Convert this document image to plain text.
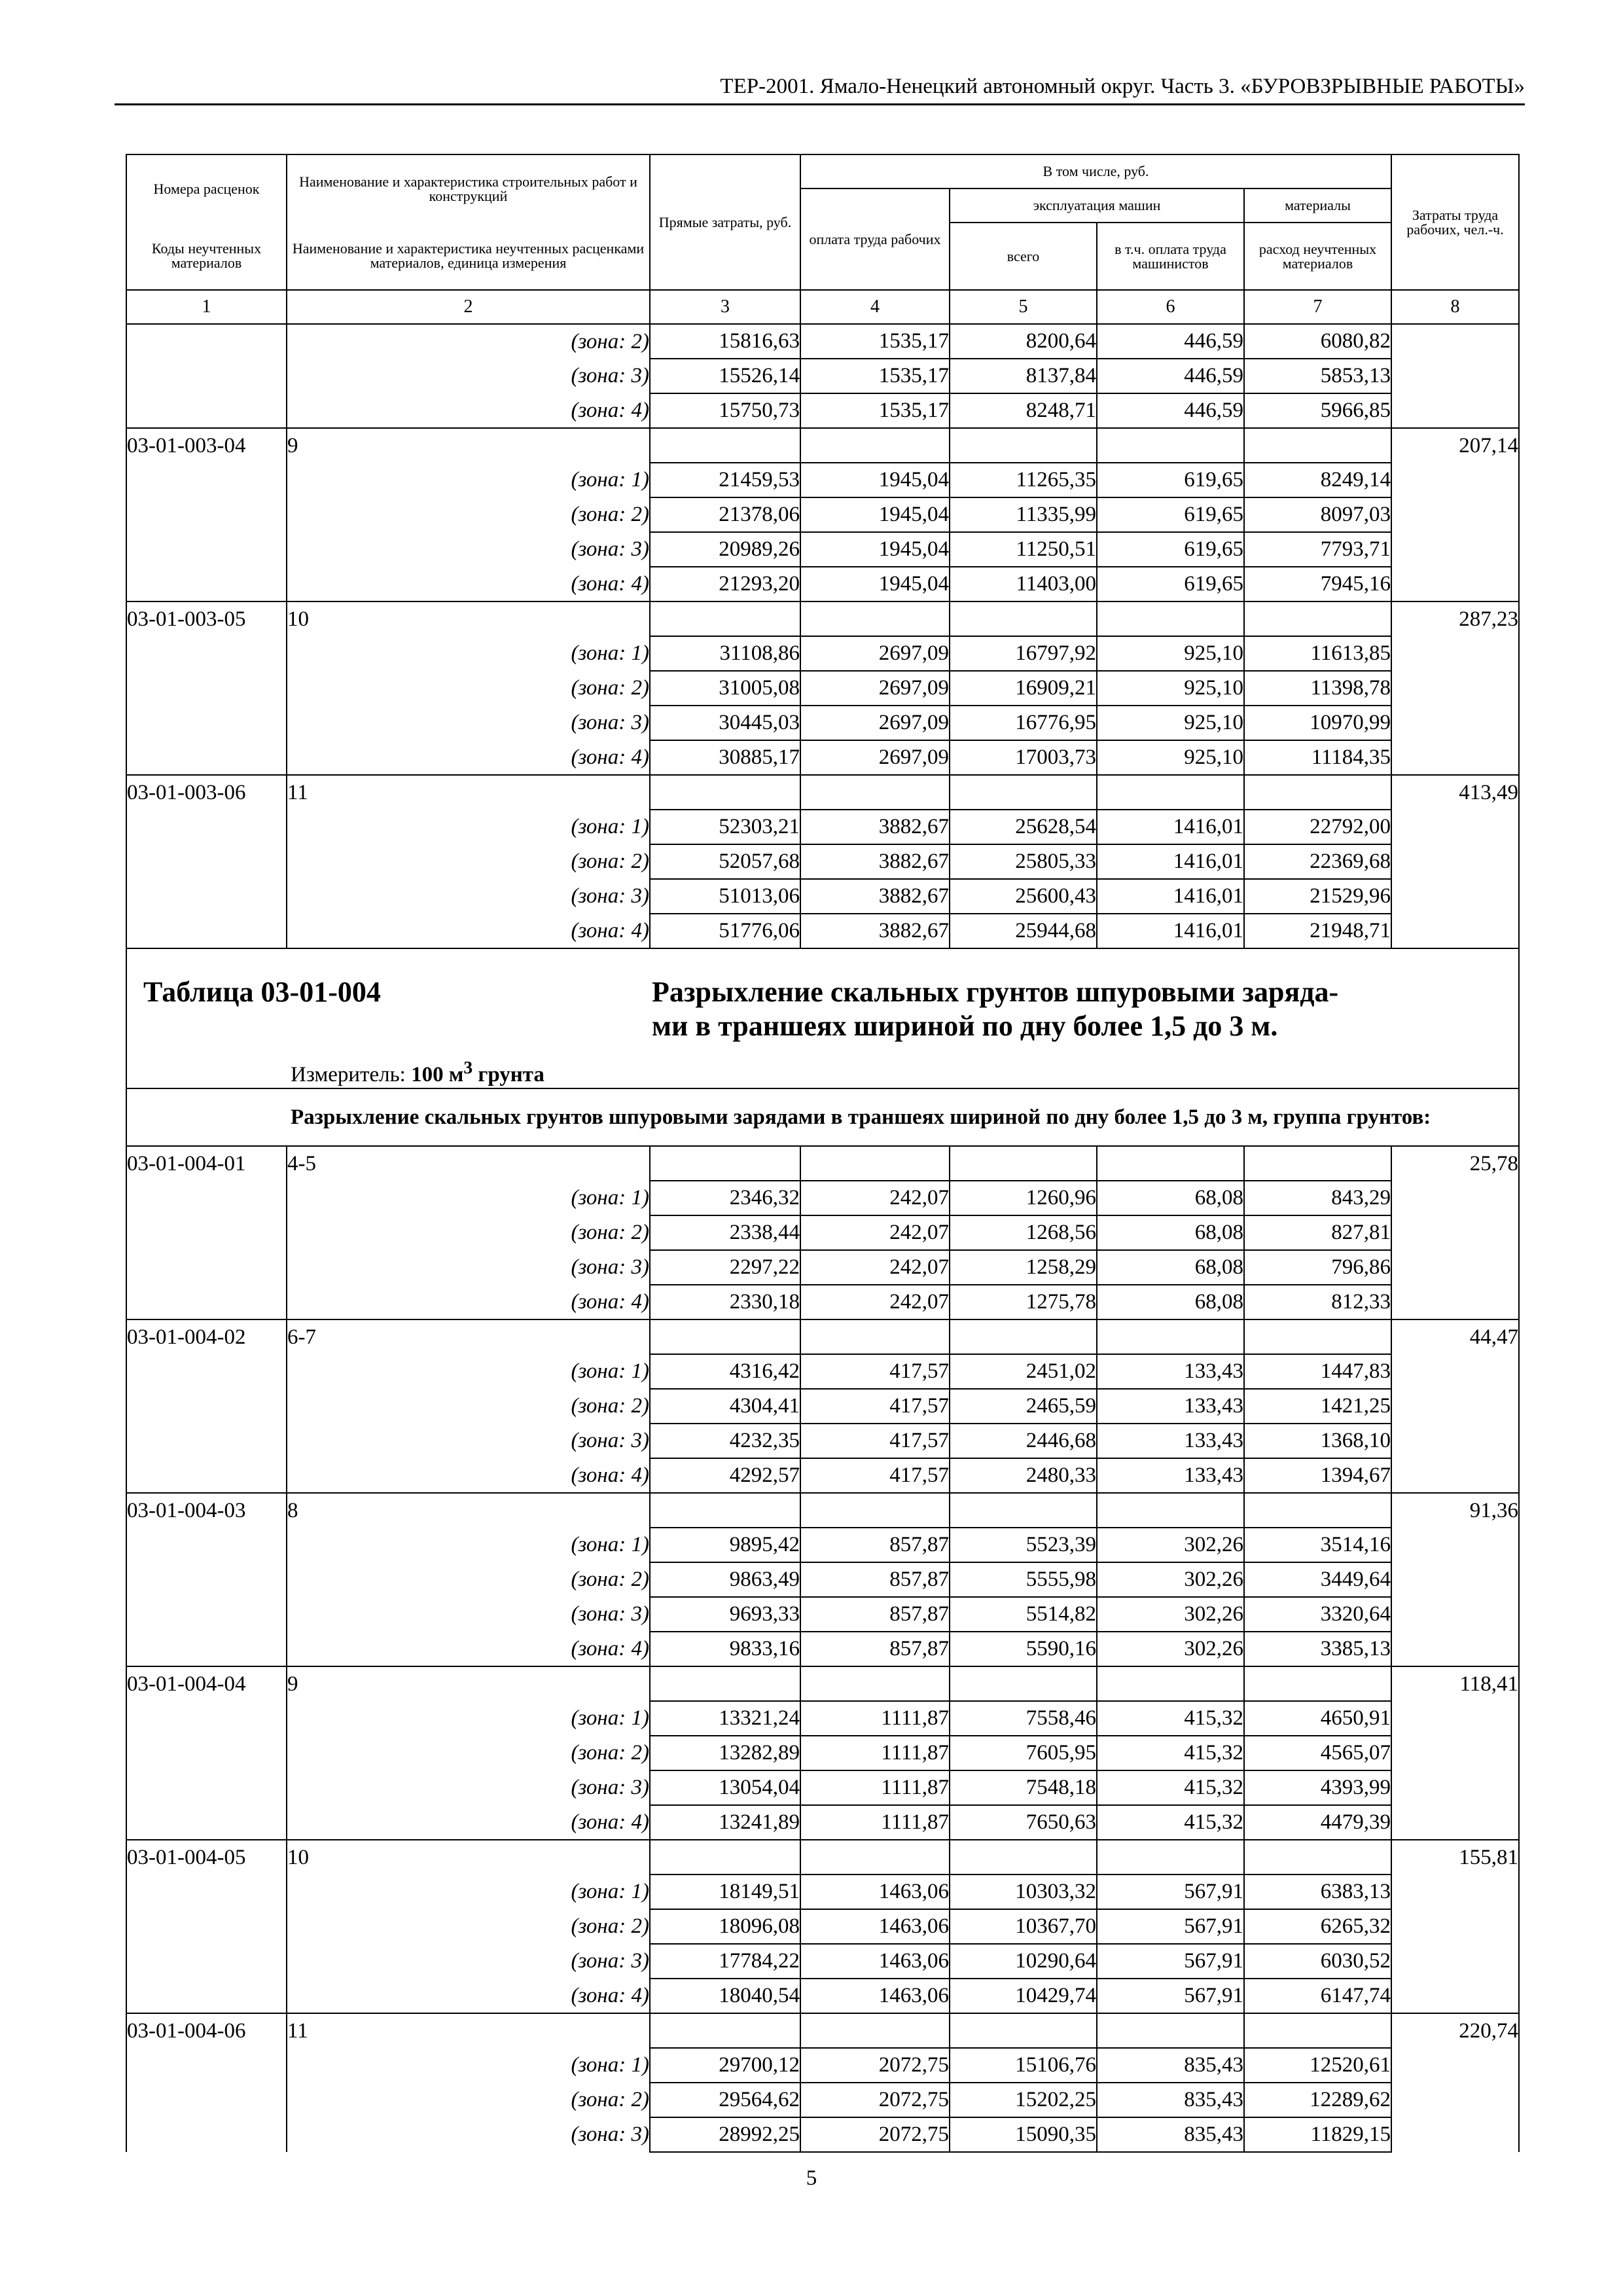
ТЕР-2001. Ямало-Ненецкий автономный округ. Часть 3. «БУРОВЗРЫВНЫЕ РАБОТЫ»
Номера расценок	Наименование и характеристика строительных работ и конструкций	Прямые затраты, руб.	В том числе, руб.				Затраты труда рабочих, чел.-ч.
			оплата труда рабочих	эксплуатация машин		материалы	
Коды неучтенных материалов	Наименование и характеристика неучтенных расценками материалов, единица измерения			всего	в т.ч. оплата труда машинистов	расход неучтенных материалов	
1	2	3	4	5	6	7	8
	(зона: 2)	15816,63	1535,17	8200,64	446,59	6080,82	
	(зона: 3)	15526,14	1535,17	8137,84	446,59	5853,13	
	(зона: 4)	15750,73	1535,17	8248,71	446,59	5966,85	
03-01-003-04	9						207,14
	(зона: 1)	21459,53	1945,04	11265,35	619,65	8249,14	
	(зона: 2)	21378,06	1945,04	11335,99	619,65	8097,03	
	(зона: 3)	20989,26	1945,04	11250,51	619,65	7793,71	
	(зона: 4)	21293,20	1945,04	11403,00	619,65	7945,16	
03-01-003-05	10						287,23
	(зона: 1)	31108,86	2697,09	16797,92	925,10	11613,85	
	(зона: 2)	31005,08	2697,09	16909,21	925,10	11398,78	
	(зона: 3)	30445,03	2697,09	16776,95	925,10	10970,99	
	(зона: 4)	30885,17	2697,09	17003,73	925,10	11184,35	
03-01-003-06	11						413,49
	(зона: 1)	52303,21	3882,67	25628,54	1416,01	22792,00	
	(зона: 2)	52057,68	3882,67	25805,33	1416,01	22369,68	
	(зона: 3)	51013,06	3882,67	25600,43	1416,01	21529,96	
	(зона: 4)	51776,06	3882,67	25944,68	1416,01	21948,71	

Таблица 03-01-004 Разрыхление скальных грунтов шпуровыми заряда-
ми в траншеях шириной по дну более 1,5 до 3 м.
Измеритель: 100 $м^3$ грунта							

Разрыхление скальных грунтов шпуровыми зарядами в траншеях шириной по дну более 1,5 до 3 м, группа грунтов:							

03-01-004-01	4-5						25,78
	(зона: 1)	2346,32	242,07	1260,96	68,08	843,29	
	(зона: 2)	2338,44	242,07	1268,56	68,08	827,81	
	(зона: 3)	2297,22	242,07	1258,29	68,08	796,86	
	(зона: 4)	2330,18	242,07	1275,78	68,08	812,33	
03-01-004-02	6-7						44,47
	(зона: 1)	4316,42	417,57	2451,02	133,43	1447,83	
	(зона: 2)	4304,41	417,57	2465,59	133,43	1421,25	
	(зона: 3)	4232,35	417,57	2446,68	133,43	1368,10	
	(зона: 4)	4292,57	417,57	2480,33	133,43	1394,67	
03-01-004-03	8						91,36
	(зона: 1)	9895,42	857,87	5523,39	302,26	3514,16	
	(зона: 2)	9863,49	857,87	5555,98	302,26	3449,64	
	(зона: 3)	9693,33	857,87	5514,82	302,26	3320,64	
	(зона: 4)	9833,16	857,87	5590,16	302,26	3385,13	
03-01-004-04	9						118,41
	(зона: 1)	13321,24	1111,87	7558,46	415,32	4650,91	
	(зона: 2)	13282,89	1111,87	7605,95	415,32	4565,07	
	(зона: 3)	13054,04	1111,87	7548,18	415,32	4393,99	
	(зона: 4)	13241,89	1111,87	7650,63	415,32	4479,39	
03-01-004-05	10						155,81
	(зона: 1)	18149,51	1463,06	10303,32	567,91	6383,13	
	(зона: 2)	18096,08	1463,06	10367,70	567,91	6265,32	
	(зона: 3)	17784,22	1463,06	10290,64	567,91	6030,52	
	(зона: 4)	18040,54	1463,06	10429,74	567,91	6147,74	
03-01-004-06	11						220,74
	(зона: 1)	29700,12	2072,75	15106,76	835,43	12520,61	
	(зона: 2)	29564,62	2072,75	15202,25	835,43	12289,62	
	(зона: 3)	28992,25	2072,75	15090,35	835,43	11829,15	
5
